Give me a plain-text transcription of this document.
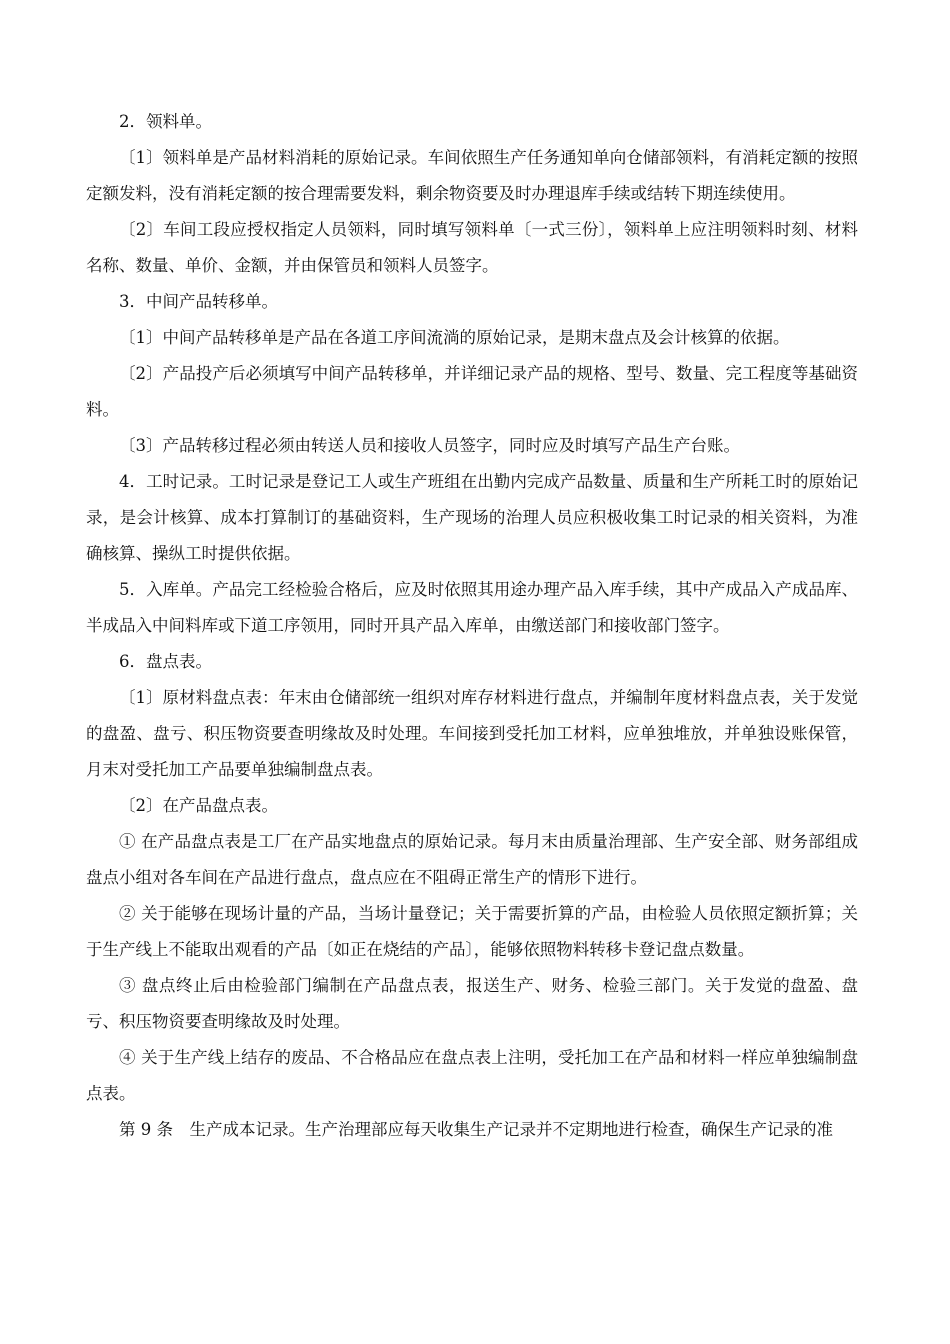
2．领料单。

〔1〕领料单是产品材料消耗的原始记录。车间依照生产任务通知单向仓储部领料，有消耗定额的按照定额发料，没有消耗定额的按合理需要发料，剩余物资要及时办理退库手续或结转下期连续使用。

〔2〕车间工段应授权指定人员领料，同时填写领料单〔一式三份〕，领料单上应注明领料时刻、材料名称、数量、单价、金额，并由保管员和领料人员签字。

3．中间产品转移单。

〔1〕中间产品转移单是产品在各道工序间流淌的原始记录，是期末盘点及会计核算的依据。

〔2〕产品投产后必须填写中间产品转移单，并详细记录产品的规格、型号、数量、完工程度等基础资料。

〔3〕产品转移过程必须由转送人员和接收人员签字，同时应及时填写产品生产台账。

4．工时记录。工时记录是登记工人或生产班组在出勤内完成产品数量、质量和生产所耗工时的原始记录，是会计核算、成本打算制订的基础资料，生产现场的治理人员应积极收集工时记录的相关资料，为准确核算、操纵工时提供依据。

5．入库单。产品完工经检验合格后，应及时依照其用途办理产品入库手续，其中产成品入产成品库、半成品入中间料库或下道工序领用，同时开具产品入库单，由缴送部门和接收部门签字。

6．盘点表。

〔1〕原材料盘点表：年末由仓储部统一组织对库存材料进行盘点，并编制年度材料盘点表，关于发觉的盘盈、盘亏、积压物资要查明缘故及时处理。车间接到受托加工材料，应单独堆放，并单独设账保管，月末对受托加工产品要单独编制盘点表。

〔2〕在产品盘点表。

① 在产品盘点表是工厂在产品实地盘点的原始记录。每月末由质量治理部、生产安全部、财务部组成盘点小组对各车间在产品进行盘点，盘点应在不阻碍正常生产的情形下进行。

② 关于能够在现场计量的产品，当场计量登记；关于需要折算的产品，由检验人员依照定额折算；关于生产线上不能取出观看的产品〔如正在烧结的产品〕，能够依照物料转移卡登记盘点数量。

③ 盘点终止后由检验部门编制在产品盘点表，报送生产、财务、检验三部门。关于发觉的盘盈、盘亏、积压物资要查明缘故及时处理。

④ 关于生产线上结存的废品、不合格品应在盘点表上注明，受托加工在产品和材料一样应单独编制盘点表。

第 9 条　生产成本记录。生产治理部应每天收集生产记录并不定期地进行检查，确保生产记录的准
